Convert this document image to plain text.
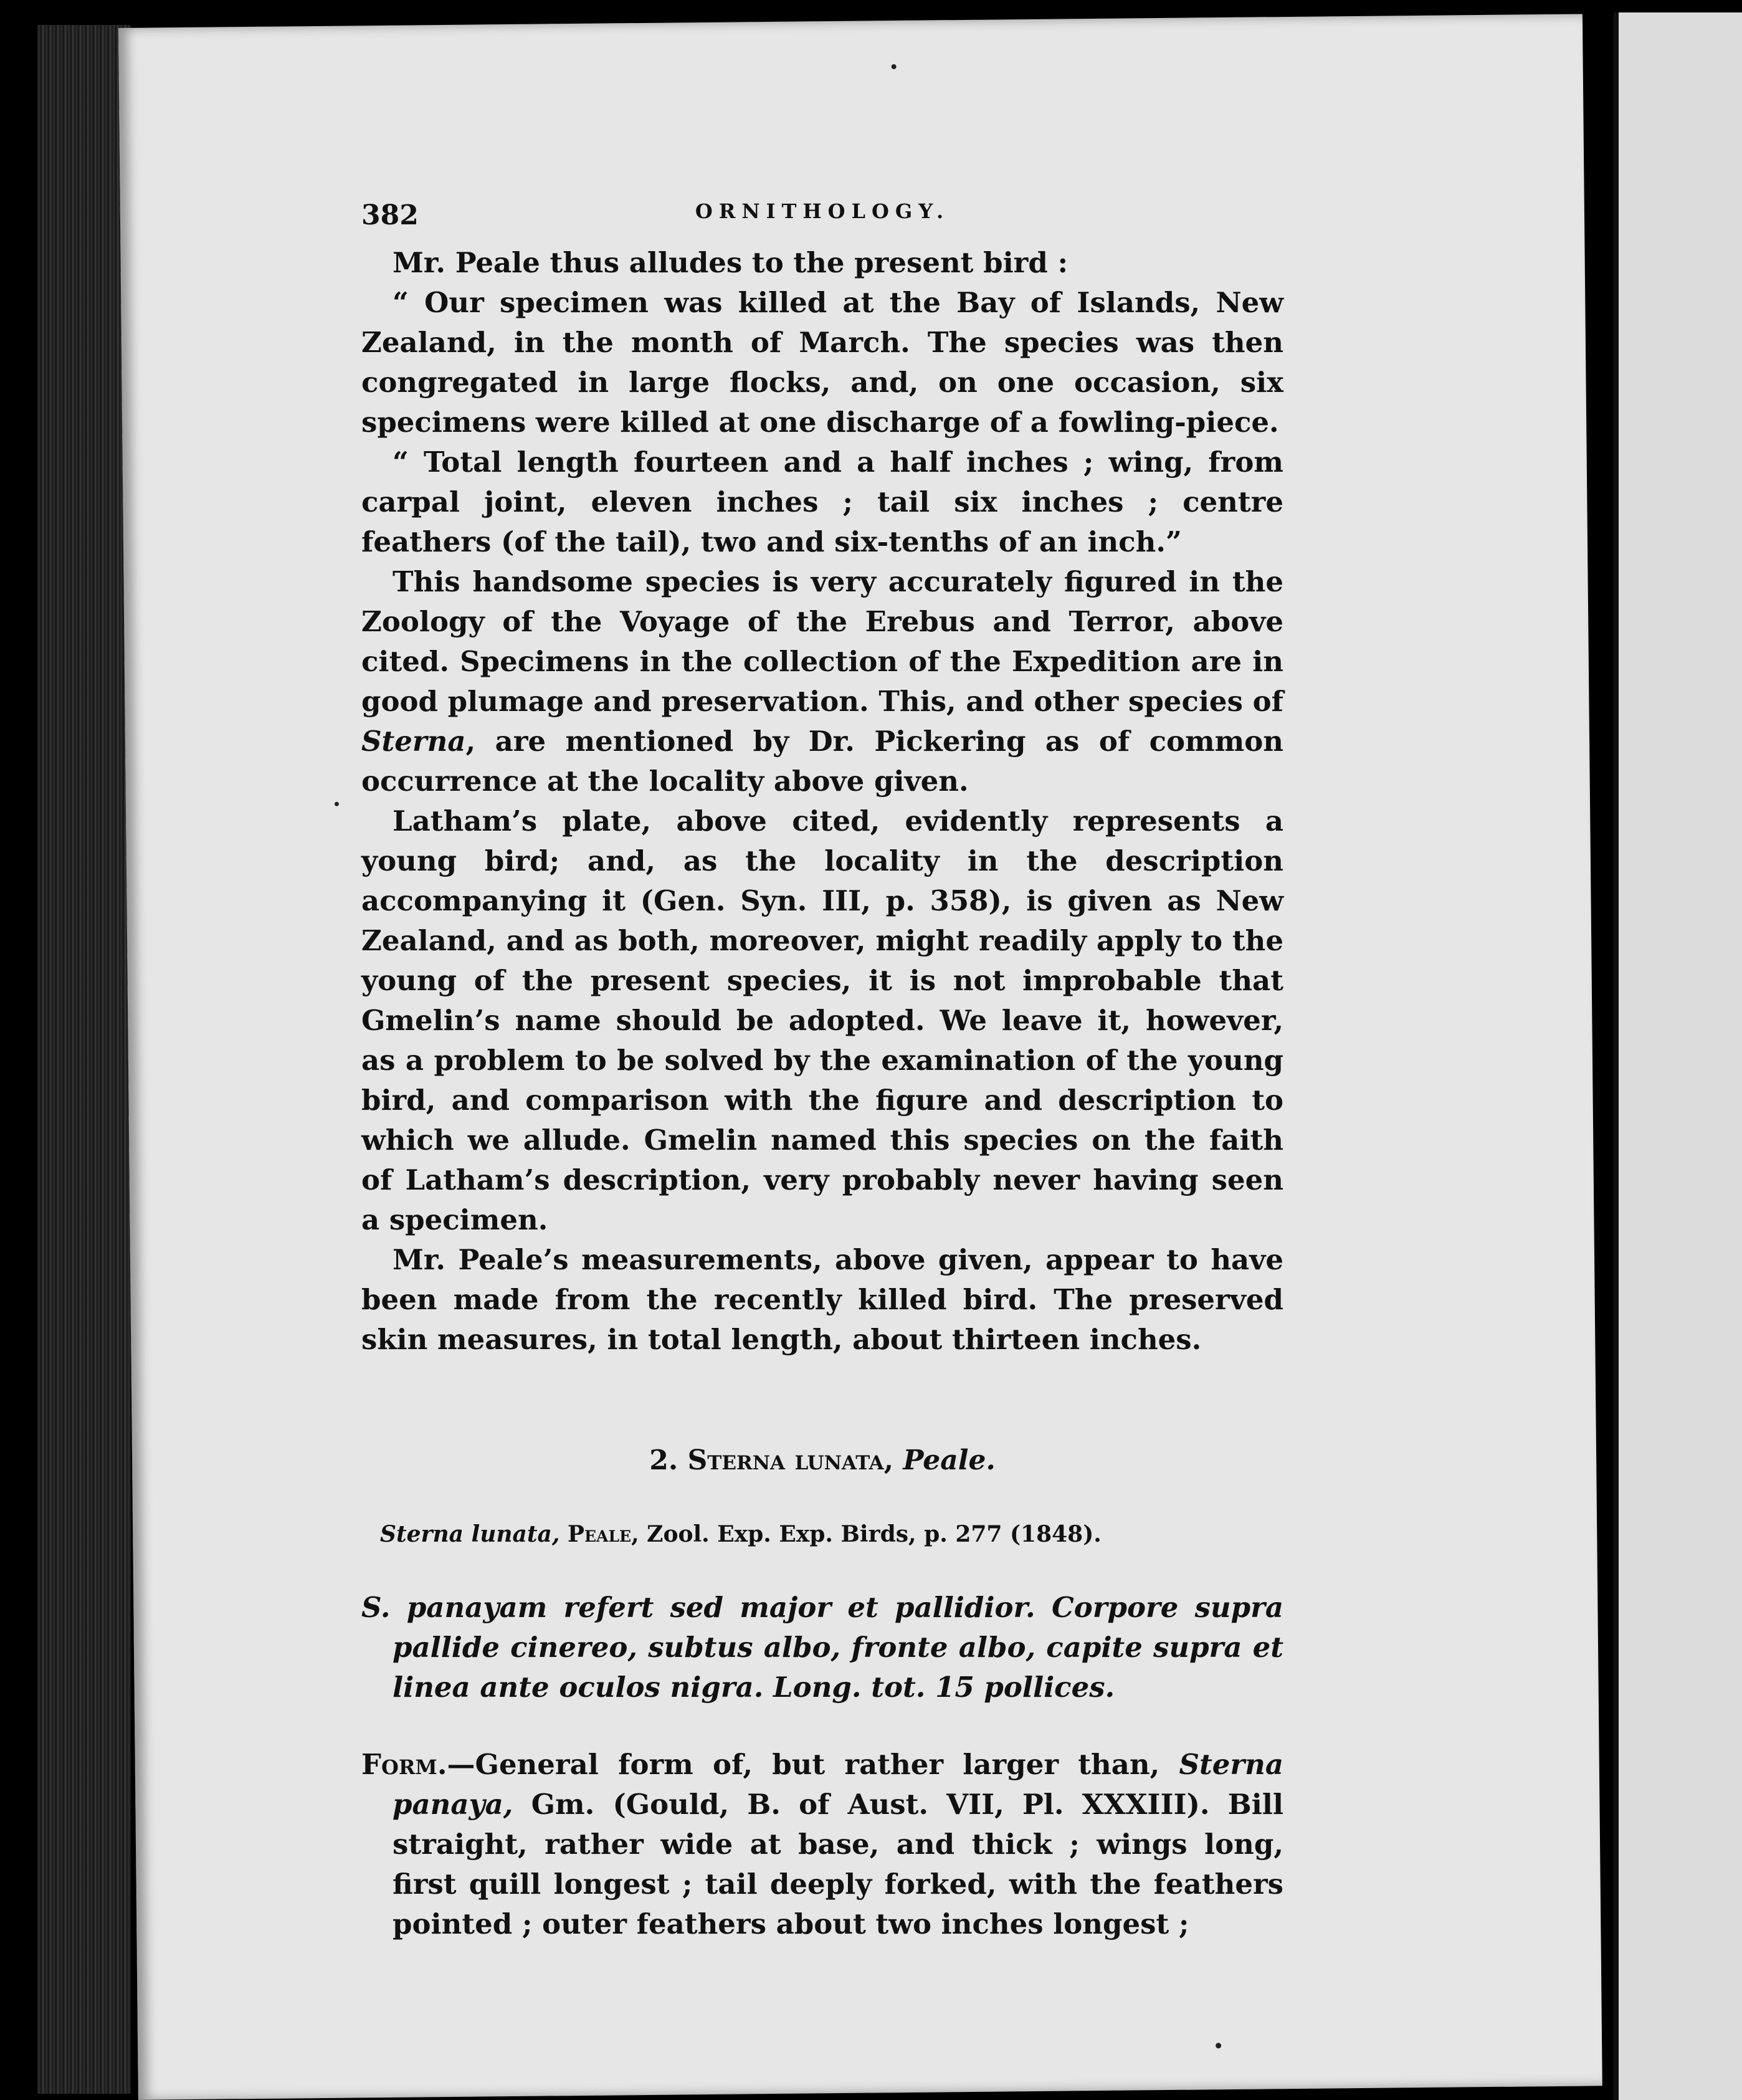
382	ORNITHOLOGY.

Mr. Peale thus alludes to the present bird :

“ Our specimen was killed at the Bay of Islands, New Zealand, in the month of March. The species was then congregated in large flocks, and, on one occasion, six specimens were killed at one discharge of a fowling-piece.

“ Total length fourteen and a half inches ; wing, from carpal joint, eleven inches ; tail six inches ; centre feathers (of the tail), two and six-tenths of an inch.”

This handsome species is very accurately figured in the Zoology of the Voyage of the Erebus and Terror, above cited. Specimens in the collection of the Expedition are in good plumage and preservation. This, and other species of Sterna, are mentioned by Dr. Pickering as of common occurrence at the locality above given.

Latham’s plate, above cited, evidently represents a young bird; and, as the locality in the description accompanying it (Gen. Syn. III, p. 358), is given as New Zealand, and as both, moreover, might readily apply to the young of the present species, it is not improbable that Gmelin’s name should be adopted. We leave it, however, as a problem to be solved by the examination of the young bird, and comparison with the figure and description to which we allude. Gmelin named this species on the faith of Latham’s description, very probably never having seen a specimen.

Mr. Peale’s measurements, above given, appear to have been made from the recently killed bird. The preserved skin measures, in total length, about thirteen inches.

2. Sterna lunata, Peale.

Sterna lunata, Peale, Zool. Exp. Exp. Birds, p. 277 (1848).

S. panayam refert sed major et pallidior. Corpore supra pallide cinereo, subtus albo, fronte albo, capite supra et linea ante oculos nigra. Long. tot. 15 pollices.

Form.—General form of, but rather larger than, Sterna panaya, Gm. (Gould, B. of Aust. VII, Pl. XXXIII). Bill straight, rather wide at base, and thick ; wings long, first quill longest ; tail deeply forked, with the feathers pointed ; outer feathers about two inches longest ;
